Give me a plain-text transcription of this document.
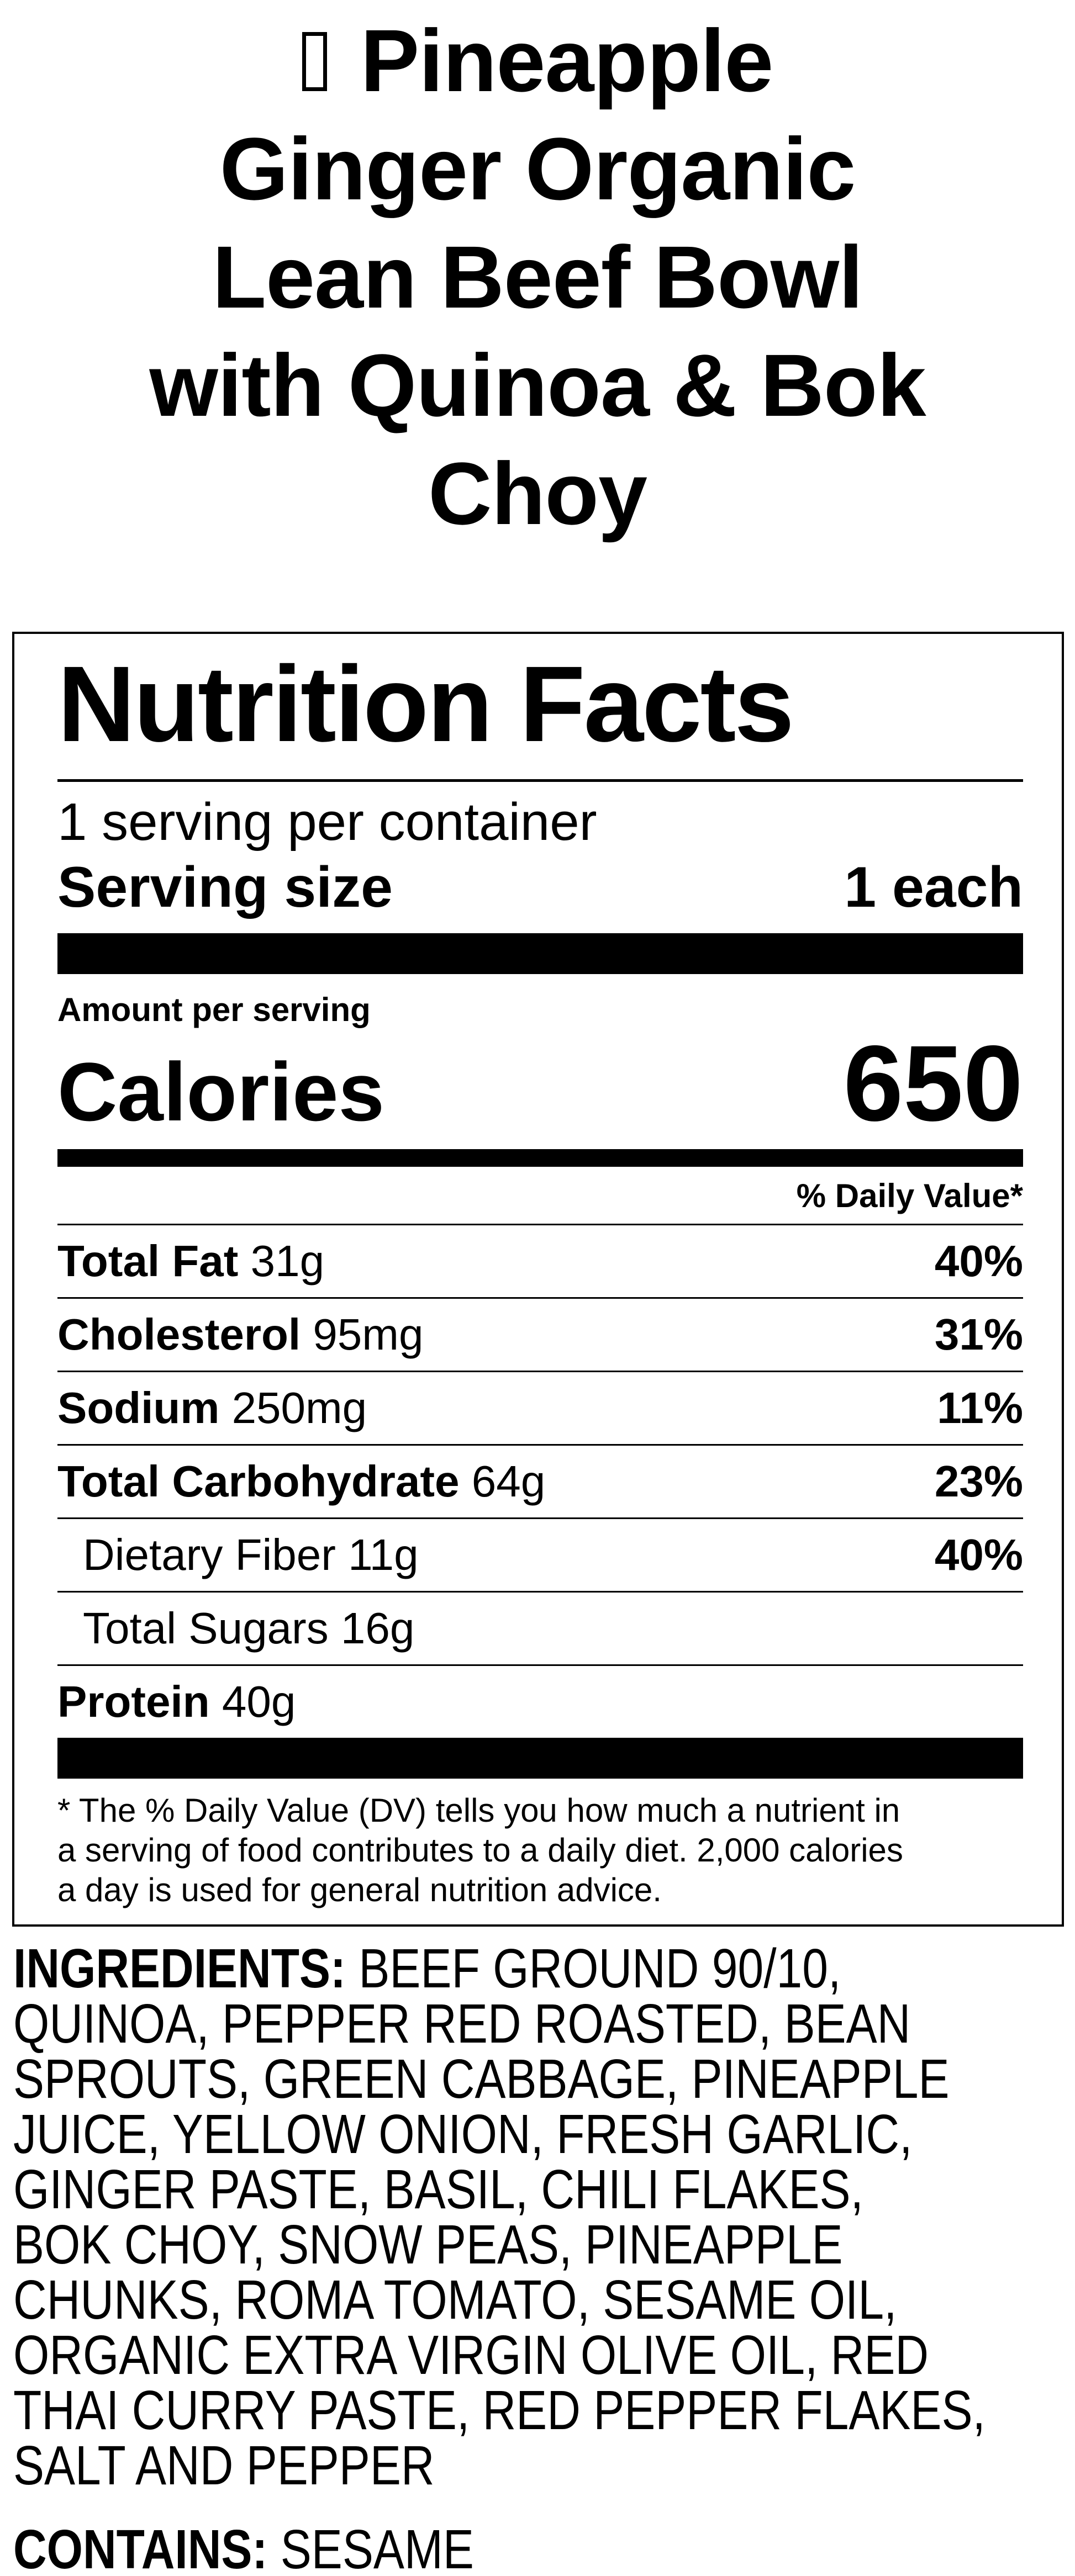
Pineapple
Ginger Organic
Lean Beef Bowl
with Quinoa & Bok
Choy
Nutrition Facts
1 serving per container
Serving size	1 each
Amount per serving
Calories	650
% Daily Value*
Total Fat 31g	40%
Cholesterol 95mg	31%
Sodium 250mg	11%
Total Carbohydrate 64g	23%
Dietary Fiber 11g	40%
Total Sugars 16g
Protein 40g
* The % Daily Value (DV) tells you how much a nutrient in
a serving of food contributes to a daily diet. 2,000 calories
a day is used for general nutrition advice.
INGREDIENTS: BEEF GROUND 90/10,
QUINOA, PEPPER RED ROASTED, BEAN
SPROUTS, GREEN CABBAGE, PINEAPPLE
JUICE, YELLOW ONION, FRESH GARLIC,
GINGER PASTE, BASIL, CHILI FLAKES,
BOK CHOY, SNOW PEAS, PINEAPPLE
CHUNKS, ROMA TOMATO, SESAME OIL,
ORGANIC EXTRA VIRGIN OLIVE OIL, RED
THAI CURRY PASTE, RED PEPPER FLAKES,
SALT AND PEPPER
CONTAINS: SESAME
